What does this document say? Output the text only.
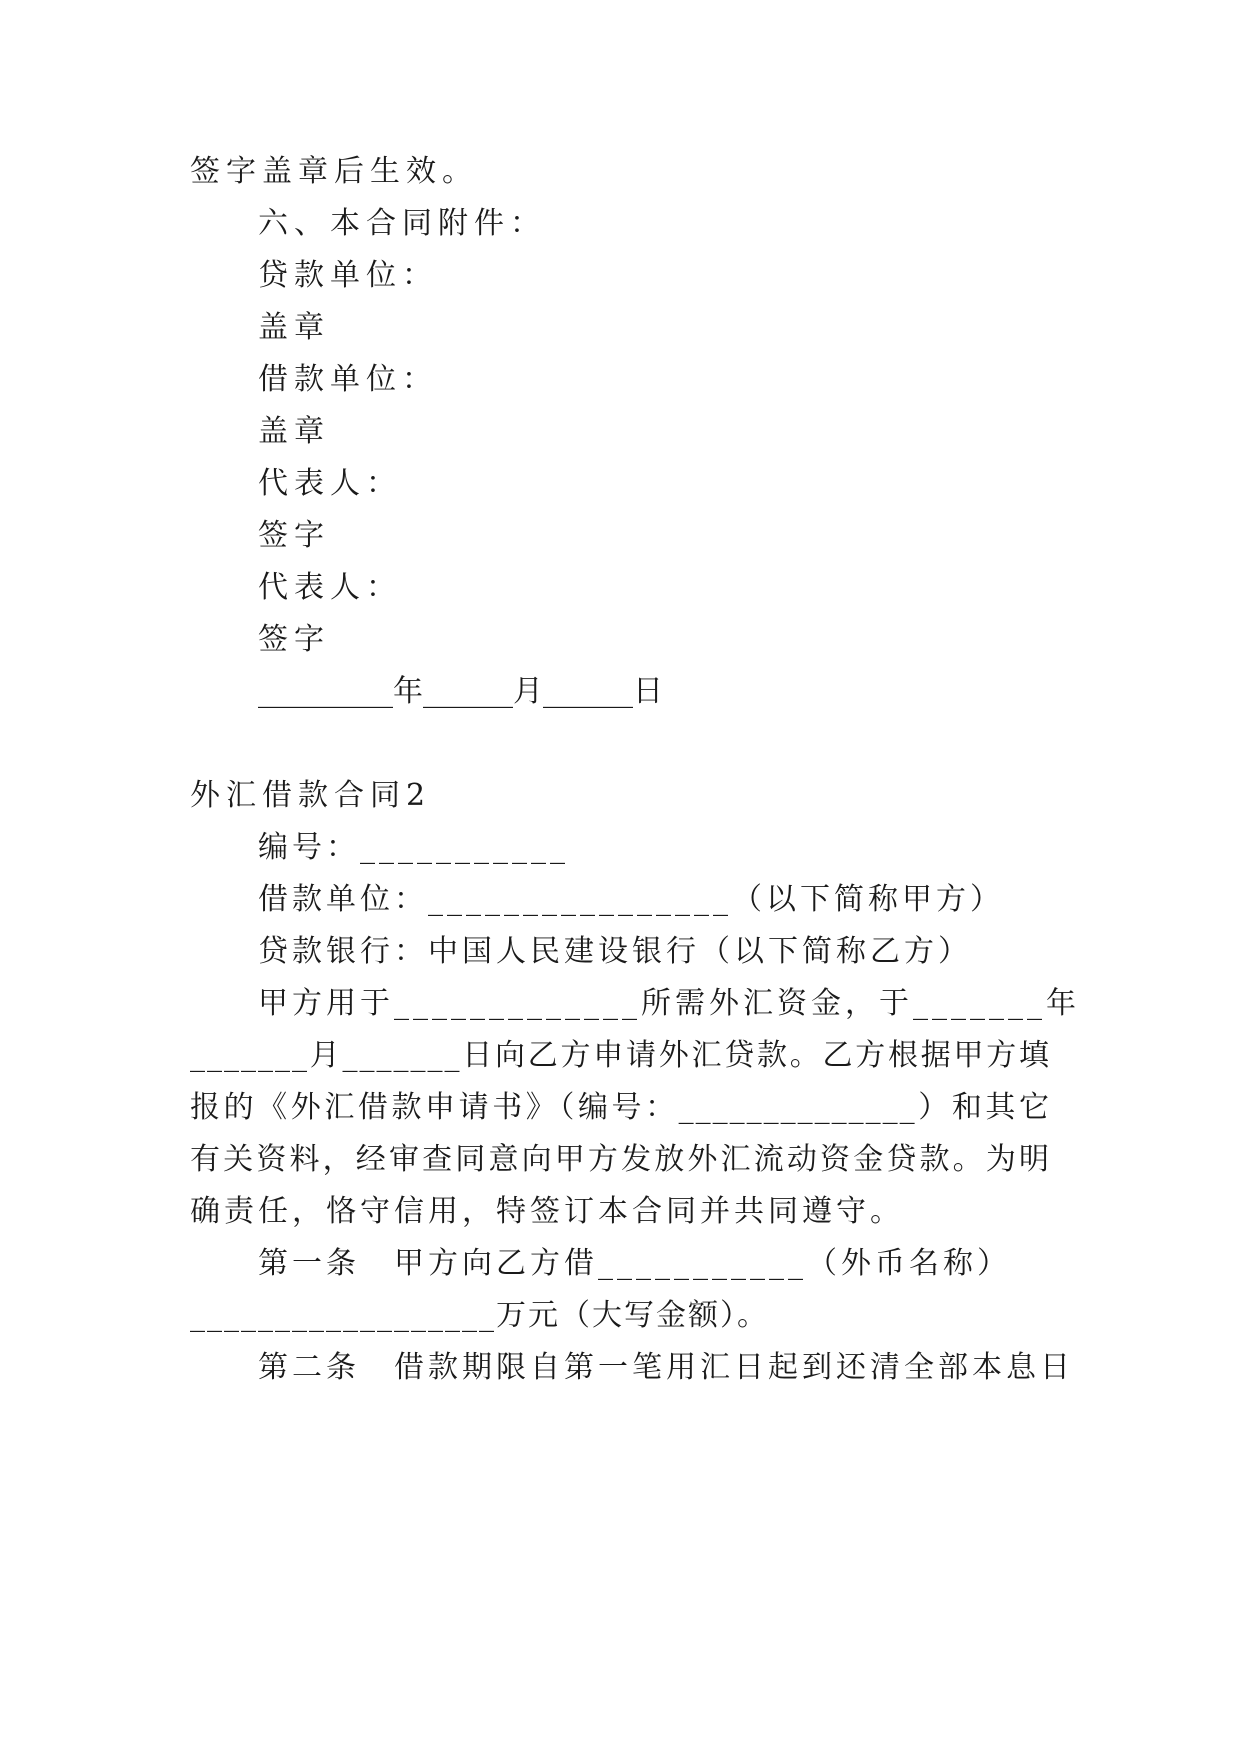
签字盖章后生效。
六、本合同附件：
贷款单位：
盖章
借款单位：
盖章
代表人：
签字
代表人：
签字
_________年______月______日
外汇借款合同2
编号：___________
借款单位：________________（以下简称甲方）
贷款银行：中国人民建设银行（以下简称乙方）
甲方用于_____________所需外汇资金，于_______年
_______月_______日向乙方申请外汇贷款。乙方根据甲方填
报的《外汇借款申请书》（编号：______________）和其它
有关资料，经审查同意向甲方发放外汇流动资金贷款。为明
确责任，恪守信用，特签订本合同并共同遵守。
第一条　甲方向乙方借___________（外币名称）
__________________万元（大写金额）。
第二条　借款期限自第一笔用汇日起到还清全部本息日
